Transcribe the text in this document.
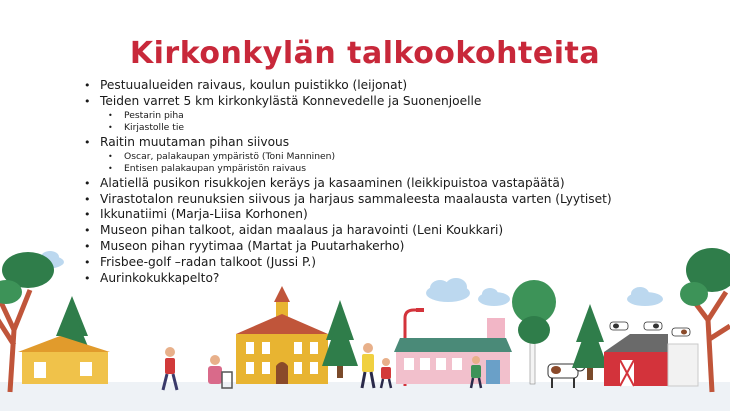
Kirkonkylän talkookohteita
• Pestuualueiden raivaus, koulun puistikko (leijonat)
• Teiden varret 5 km kirkonkylästä Konnevedelle ja Suonenjoelle
• Pestarin piha
• Kirjastolle tie
• Raitin muutaman pihan siivous
• Oscar, palakaupan ympäristö (Toni Manninen)
• Entisen palakaupan ympäristön raivaus
• Alatiellä pusikon risukkojen keräys ja kasaaminen (leikkipuistoa vastapäätä)
• Virastotalon reunuksien siivous ja harjaus sammaleesta maalausta varten (Lyytiset)
• Ikkunatiimi (Marja-Liisa Korhonen)
• Museon pihan talkoot, aidan maalaus ja haravointi (Leni Koukkari)
• Museon pihan ryytimaa (Martat ja Puutarhakerho)
• Frisbee-golf –radan talkoot (Jussi P.)
• Aurinkokukkapelto?
